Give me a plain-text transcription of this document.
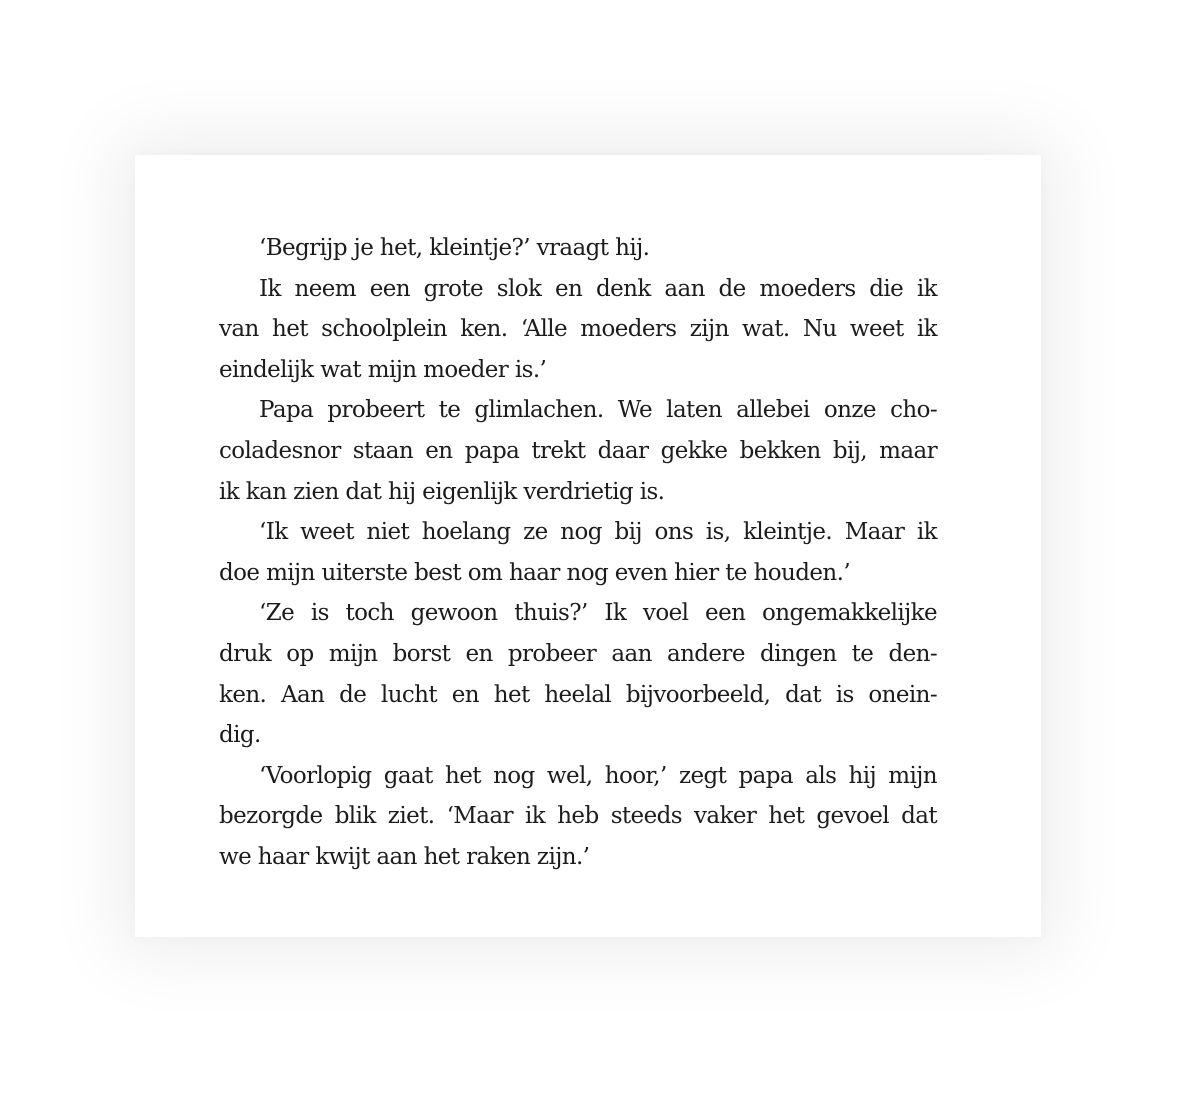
‘Begrijp je het, kleintje?’ vraagt hij.
Ik neem een grote slok en denk aan de moeders die ik
van het schoolplein ken. ‘Alle moeders zijn wat. Nu weet ik
eindelijk wat mijn moeder is.’
Papa probeert te glimlachen. We laten allebei onze cho-
coladesnor staan en papa trekt daar gekke bekken bij, maar
ik kan zien dat hij eigenlijk verdrietig is.
‘Ik weet niet hoelang ze nog bij ons is, kleintje. Maar ik
doe mijn uiterste best om haar nog even hier te houden.’
‘Ze is toch gewoon thuis?’ Ik voel een ongemakkelijke
druk op mijn borst en probeer aan andere dingen te den-
ken. Aan de lucht en het heelal bijvoorbeeld, dat is onein-
dig.
‘Voorlopig gaat het nog wel, hoor,’ zegt papa als hij mijn
bezorgde blik ziet. ‘Maar ik heb steeds vaker het gevoel dat
we haar kwijt aan het raken zijn.’
